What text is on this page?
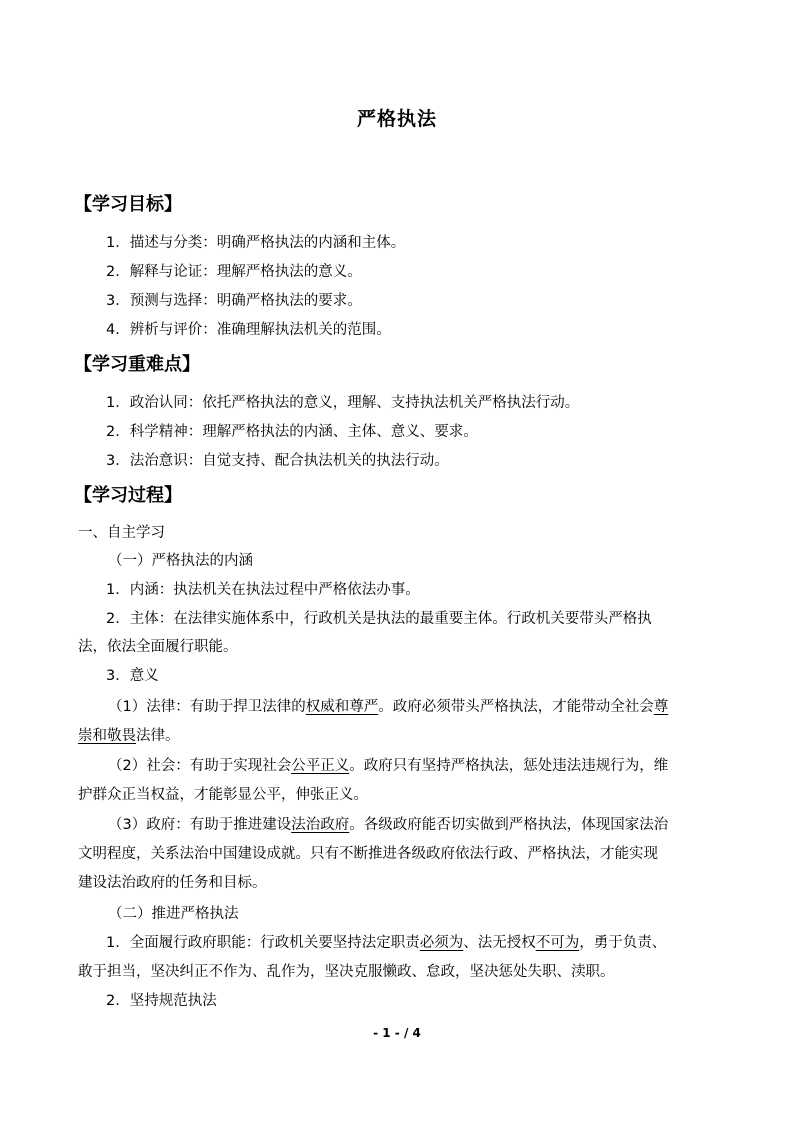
严格执法
【学习目标】
1．描述与分类：明确严格执法的内涵和主体。
2．解释与论证：理解严格执法的意义。
3．预测与选择：明确严格执法的要求。
4．辨析与评价：准确理解执法机关的范围。
【学习重难点】
1．政治认同：依托严格执法的意义，理解、支持执法机关严格执法行动。
2．科学精神：理解严格执法的内涵、主体、意义、要求。
3．法治意识：自觉支持、配合执法机关的执法行动。
【学习过程】
一、自主学习
（一）严格执法的内涵
1．内涵：执法机关在执法过程中严格依法办事。
2．主体：在法律实施体系中，行政机关是执法的最重要主体。行政机关要带头严格执
法，依法全面履行职能。
3．意义
（1）法律：有助于捍卫法律的权威和尊严。政府必须带头严格执法，才能带动全社会尊
崇和敬畏法律。
（2）社会：有助于实现社会公平正义。政府只有坚持严格执法，惩处违法违规行为，维
护群众正当权益，才能彰显公平，伸张正义。
（3）政府：有助于推进建设法治政府。各级政府能否切实做到严格执法，体现国家法治
文明程度，关系法治中国建设成就。只有不断推进各级政府依法行政、严格执法，才能实现
建设法治政府的任务和目标。
（二）推进严格执法
1．全面履行政府职能：行政机关要坚持法定职责必须为、法无授权不可为，勇于负责、
敢于担当，坚决纠正不作为、乱作为，坚决克服懒政、怠政，坚决惩处失职、渎职。
2．坚持规范执法
- 1 - / 4
